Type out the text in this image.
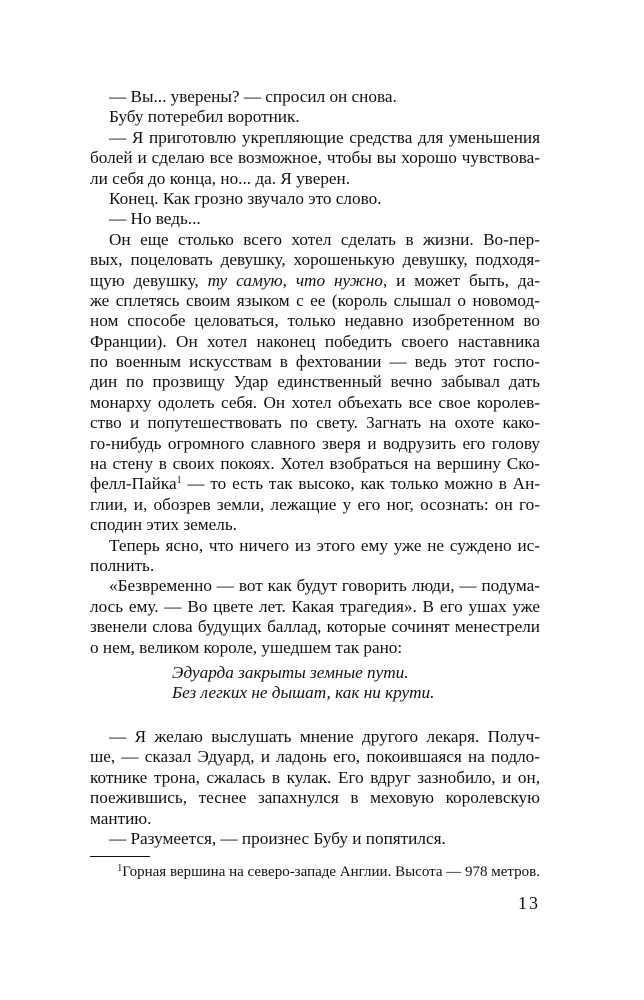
— Вы... уверены? — спросил он снова.
Бубу потеребил воротник.
— Я приготовлю укрепляющие средства для уменьшения
болей и сделаю все возможное, чтобы вы хорошо чувствова-
ли себя до конца, но... да. Я уверен.
Конец. Как грозно звучало это слово.
— Но ведь...
Он еще столько всего хотел сделать в жизни. Во-пер-
вых, поцеловать девушку, хорошенькую девушку, подходя-
щую девушку, ту самую, что нужно, и может быть, да-
же сплетясь своим языком с ее (король слышал о новомод-
ном способе целоваться, только недавно изобретенном во
Франции). Он хотел наконец победить своего наставника
по военным искусствам в фехтовании — ведь этот госпо-
дин по прозвищу Удар единственный вечно забывал дать
монарху одолеть себя. Он хотел объехать все свое королев-
ство и попутешествовать по свету. Загнать на охоте како-
го-нибудь огромного славного зверя и водрузить его голову
на стену в своих покоях. Хотел взобраться на вершину Ско-
фелл-Пайка$^1$ — то есть так высоко, как только можно в Ан-
глии, и, обозрев земли, лежащие у его ног, осознать: он го-
сподин этих земель.
Теперь ясно, что ничего из этого ему уже не суждено ис-
полнить.
«Безвременно — вот как будут говорить люди, — подума-
лось ему. — Во цвете лет. Какая трагедия». В его ушах уже
звенели слова будущих баллад, которые сочинят менестрели
о нем, великом короле, ушедшем так рано:
Эдуарда закрыты земные пути.
Без легких не дышат, как ни крути.
— Я желаю выслушать мнение другого лекаря. Получ-
ше, — сказал Эдуард, и ладонь его, покоившаяся на подло-
котнике трона, сжалась в кулак. Его вдруг зазнобило, и он,
поежившись, теснее запахнулся в меховую королевскую
мантию.
— Разумеется, — произнес Бубу и попятился.
$^1$Горная вершина на северо-западе Англии. Высота — 978 метров.
13
